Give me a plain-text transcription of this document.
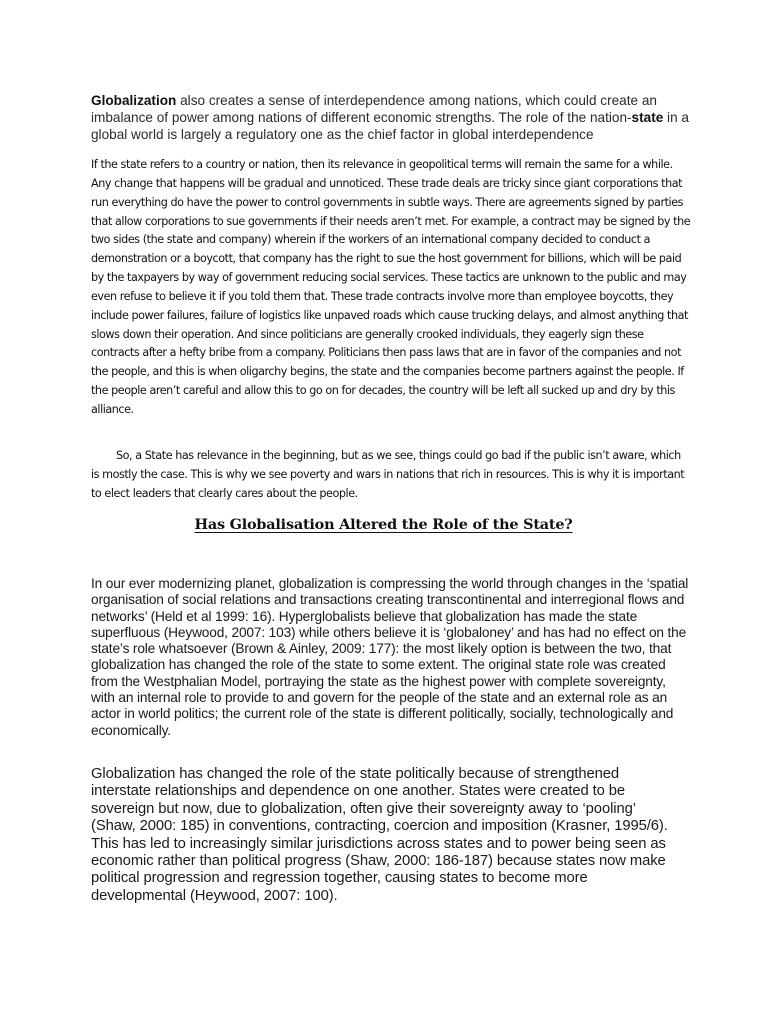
Globalization also creates a sense of interdependence among nations, which could create an imbalance of power among nations of different economic strengths. The role of the nation-state in a global world is largely a regulatory one as the chief factor in global interdependence

If the state refers to a country or nation, then its relevance in geopolitical terms will remain the same for a while. Any change that happens will be gradual and unnoticed. These trade deals are tricky since giant corporations that run everything do have the power to control governments in subtle ways. There are agreements signed by parties that allow corporations to sue governments if their needs aren’t met. For example, a contract may be signed by the two sides (the state and company) wherein if the workers of an international company decided to conduct a demonstration or a boycott, that company has the right to sue the host government for billions, which will be paid by the taxpayers by way of government reducing social services. These tactics are unknown to the public and may even refuse to believe it if you told them that. These trade contracts involve more than employee boycotts, they include power failures, failure of logistics like unpaved roads which cause trucking delays, and almost anything that slows down their operation. And since politicians are generally crooked individuals, they eagerly sign these contracts after a hefty bribe from a company. Politicians then pass laws that are in favor of the companies and not the people, and this is when oligarchy begins, the state and the companies become partners against the people. If the people aren’t careful and allow this to go on for decades, the country will be left all sucked up and dry by this alliance.

So, a State has relevance in the beginning, but as we see, things could go bad if the public isn’t aware, which is mostly the case. This is why we see poverty and wars in nations that rich in resources. This is why it is important to elect leaders that clearly cares about the people.

Has Globalisation Altered the Role of the State?

In our ever modernizing planet, globalization is compressing the world through changes in the ‘spatial organisation of social relations and transactions creating transcontinental and interregional flows and networks’ (Held et al 1999: 16). Hyperglobalists believe that globalization has made the state superfluous (Heywood, 2007: 103) while others believe it is ‘globaloney’ and has had no effect on the state’s role whatsoever (Brown & Ainley, 2009: 177): the most likely option is between the two, that globalization has changed the role of the state to some extent. The original state role was created from the Westphalian Model, portraying the state as the highest power with complete sovereignty, with an internal role to provide to and govern for the people of the state and an external role as an actor in world politics; the current role of the state is different politically, socially, technologically and economically.

Globalization has changed the role of the state politically because of strengthened interstate relationships and dependence on one another. States were created to be sovereign but now, due to globalization, often give their sovereignty away to ‘pooling’ (Shaw, 2000: 185) in conventions, contracting, coercion and imposition (Krasner, 1995/6). This has led to increasingly similar jurisdictions across states and to power being seen as economic rather than political progress (Shaw, 2000: 186-187) because states now make political progression and regression together, causing states to become more developmental (Heywood, 2007: 100).
